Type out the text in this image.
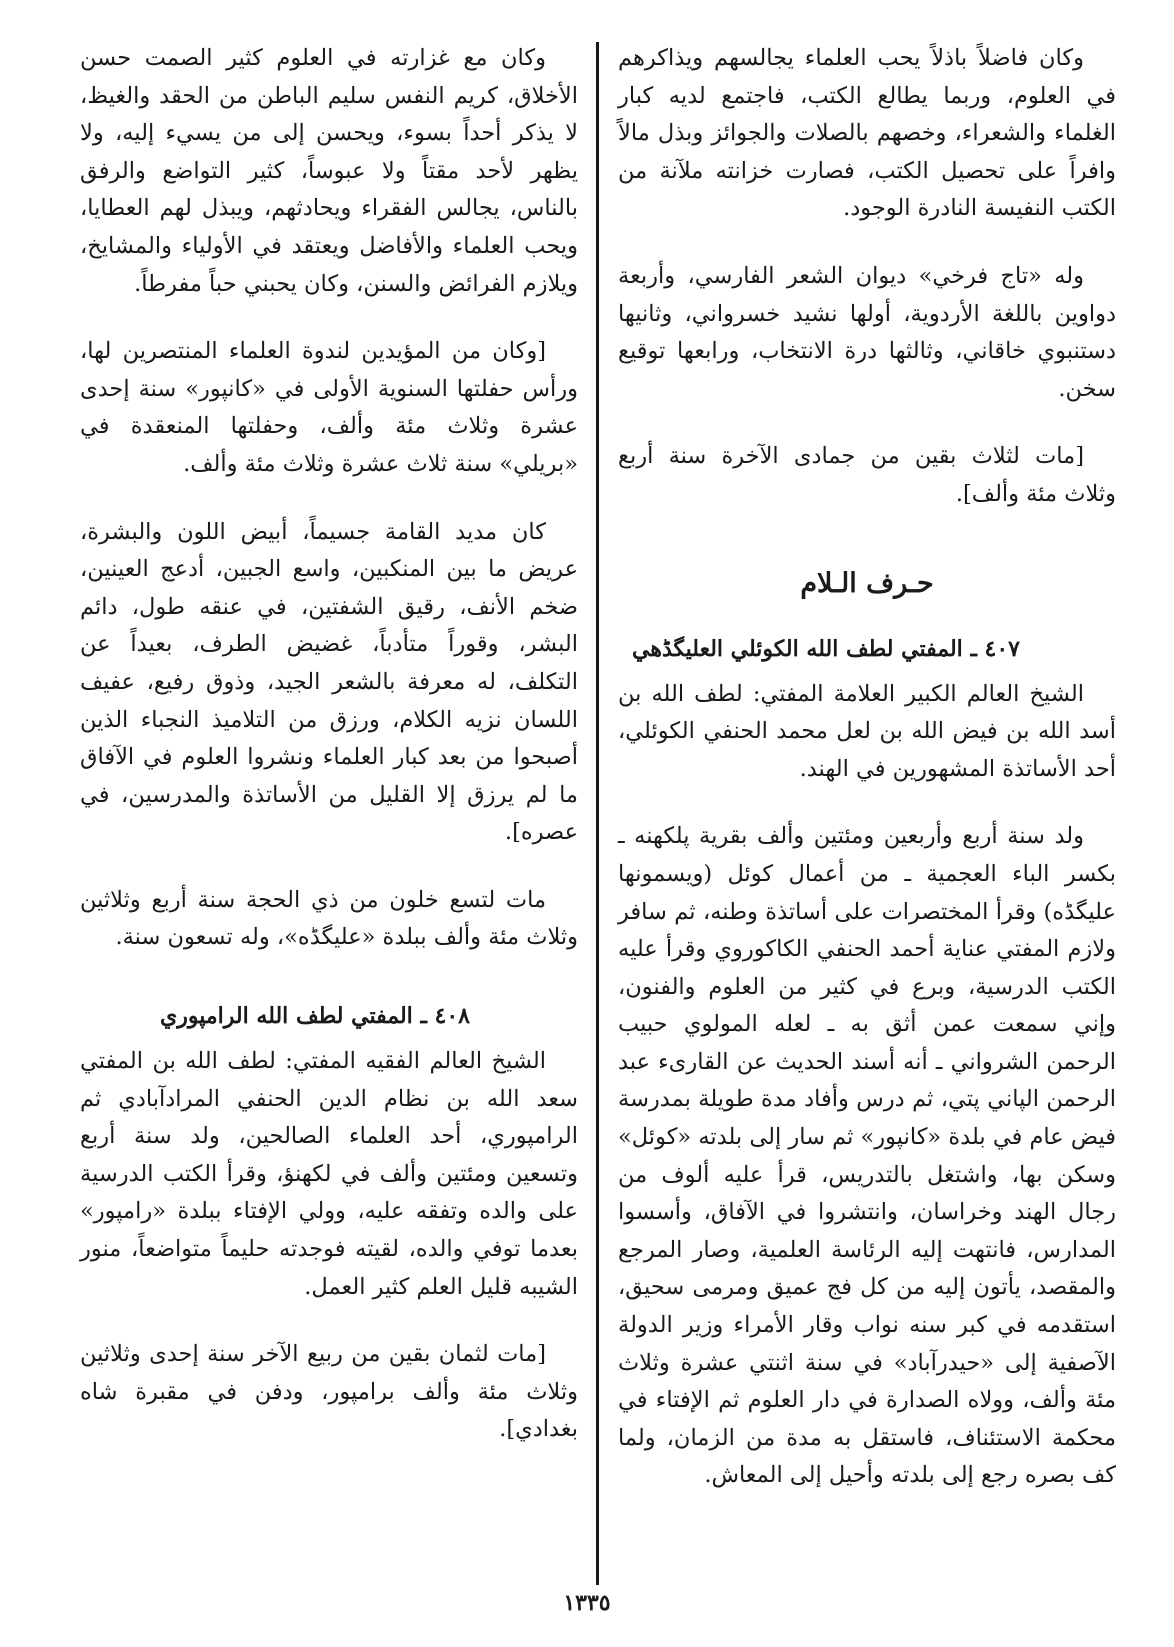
وكان فاضلاً باذلاً يحب العلماء يجالسهم ويذاكرهم في العلوم، وربما يطالع الكتب، فاجتمع لديه كبار الغلماء والشعراء، وخصهم بالصلات والجوائز وبذل مالاً وافراً على تحصيل الكتب، فصارت خزانته ملآنة من الكتب النفيسة النادرة الوجود.

وله «تاج فرخي» ديوان الشعر الفارسي، وأربعة دواوين باللغة الأردوية، أولها نشيد خسرواني، وثانيها دستنبوي خاقاني، وثالثها درة الانتخاب، ورابعها توقيع سخن.

[مات لثلاث بقين من جمادى الآخرة سنة أربع وثلاث مئة وألف].

حـرف الـلام

٤٠٧ ـ المفتي لطف الله الكوئلي العليگڈهي

الشيخ العالم الكبير العلامة المفتي: لطف الله بن أسد الله بن فيض الله بن لعل محمد الحنفي الكوئلي، أحد الأساتذة المشهورين في الهند.

ولد سنة أربع وأربعين ومئتين وألف بقرية پلكهنه ـ بكسر الباء العجمية ـ من أعمال كوئل (ويسمونها عليگڈه) وقرأ المختصرات على أساتذة وطنه، ثم سافر ولازم المفتي عناية أحمد الحنفي الكاكوروي وقرأ عليه الكتب الدرسية، وبرع في كثير من العلوم والفنون، وإني سمعت عمن أثق به ـ لعله المولوي حبيب الرحمن الشرواني ـ أنه أسند الحديث عن القارىء عبد الرحمن الپاني پتي، ثم درس وأفاد مدة طويلة بمدرسة فيض عام في بلدة «كانپور» ثم سار إلى بلدته «كوئل» وسكن بها، واشتغل بالتدريس، قرأ عليه ألوف من رجال الهند وخراسان، وانتشروا في الآفاق، وأسسوا المدارس، فانتهت إليه الرئاسة العلمية، وصار المرجع والمقصد، يأتون إليه من كل فج عميق ومرمى سحيق، استقدمه في كبر سنه نواب وقار الأمراء وزير الدولة الآصفية إلى «حيدرآباد» في سنة اثنتي عشرة وثلاث مئة وألف، وولاه الصدارة في دار العلوم ثم الإفتاء في محكمة الاستئناف، فاستقل به مدة من الزمان، ولما كف بصره رجع إلى بلدته وأحيل إلى المعاش.

وكان مع غزارته في العلوم كثير الصمت حسن الأخلاق، كريم النفس سليم الباطن من الحقد والغيظ، لا يذكر أحداً بسوء، ويحسن إلى من يسيء إليه، ولا يظهر لأحد مقتاً ولا عبوساً، كثير التواضع والرفق بالناس، يجالس الفقراء ويحادثهم، ويبذل لهم العطايا، ويحب العلماء والأفاضل ويعتقد في الأولياء والمشايخ، ويلازم الفرائض والسنن، وكان يحبني حباً مفرطاً.

[وكان من المؤيدين لندوة العلماء المنتصرين لها، ورأس حفلتها السنوية الأولى في «كانپور» سنة إحدى عشرة وثلاث مئة وألف، وحفلتها المنعقدة في «بريلي» سنة ثلاث عشرة وثلاث مئة وألف.

كان مديد القامة جسيماً، أبيض اللون والبشرة، عريض ما بين المنكبين، واسع الجبين، أدعج العينين، ضخم الأنف، رقيق الشفتين، في عنقه طول، دائم البشر، وقوراً متأدباً، غضيض الطرف، بعيداً عن التكلف، له معرفة بالشعر الجيد، وذوق رفيع، عفيف اللسان نزيه الكلام، ورزق من التلاميذ النجباء الذين أصبحوا من بعد كبار العلماء ونشروا العلوم في الآفاق ما لم يرزق إلا القليل من الأساتذة والمدرسين، في عصره].

مات لتسع خلون من ذي الحجة سنة أربع وثلاثين وثلاث مئة وألف ببلدة «عليگڈه»، وله تسعون سنة.

٤٠٨ ـ المفتي لطف الله الرامپوري

الشيخ العالم الفقيه المفتي: لطف الله بن المفتي سعد الله بن نظام الدين الحنفي المرادآبادي ثم الرامپوري، أحد العلماء الصالحين، ولد سنة أربع وتسعين ومئتين وألف في لكهنؤ، وقرأ الكتب الدرسية على والده وتفقه عليه، وولي الإفتاء ببلدة «رامپور» بعدما توفي والده، لقيته فوجدته حليماً متواضعاً، منور الشيبه قليل العلم كثير العمل.

[مات لثمان بقين من ربيع الآخر سنة إحدى وثلاثين وثلاث مئة وألف برامپور، ودفن في مقبرة شاه بغدادي].

١٣٣٥
